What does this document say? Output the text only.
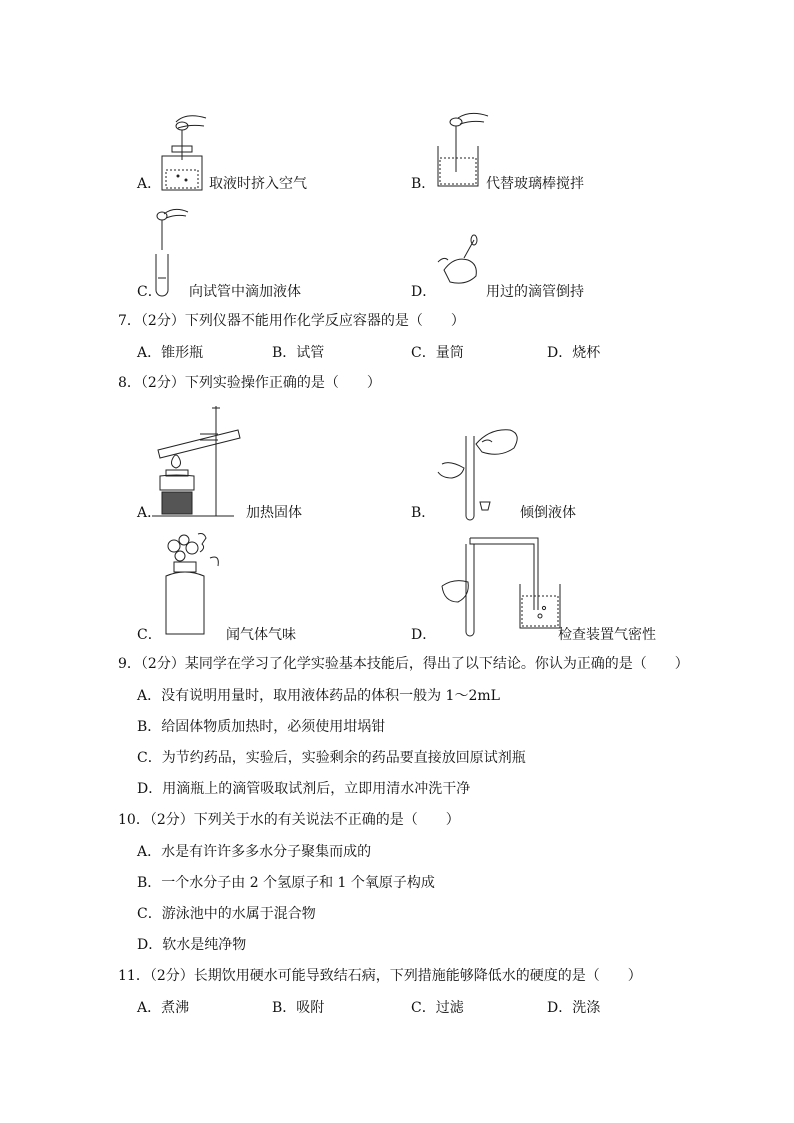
A．	取液时挤入空气	B．	代替玻璃棒搅拌
C． 向试管中滴加液体	D．	用过的滴管倒持
7．（2分）下列仪器不能用作化学反应容器的是（　　）
A．锥形瓶	B．试管	C．量筒	D．烧杯
8．（2分）下列实验操作正确的是（　　）
A．	加热固体	B．	倾倒液体
C．	闻气体气味	D．	检查装置气密性
9．（2分）某同学在学习了化学实验基本技能后，得出了以下结论。你认为正确的是（　　）
A．没有说明用量时，取用液体药品的体积一般为 1～2mL
B．给固体物质加热时，必须使用坩埚钳
C．为节约药品，实验后，实验剩余的药品要直接放回原试剂瓶
D．用滴瓶上的滴管吸取试剂后，立即用清水冲洗干净
10．（2分）下列关于水的有关说法不正确的是（　　）
A．水是有许许多多水分子聚集而成的
B．一个水分子由 2 个氢原子和 1 个氧原子构成
C．游泳池中的水属于混合物
D．软水是纯净物
11．（2分）长期饮用硬水可能导致结石病，下列措施能够降低水的硬度的是（　　）
A．煮沸	B．吸附	C．过滤	D．洗涤
